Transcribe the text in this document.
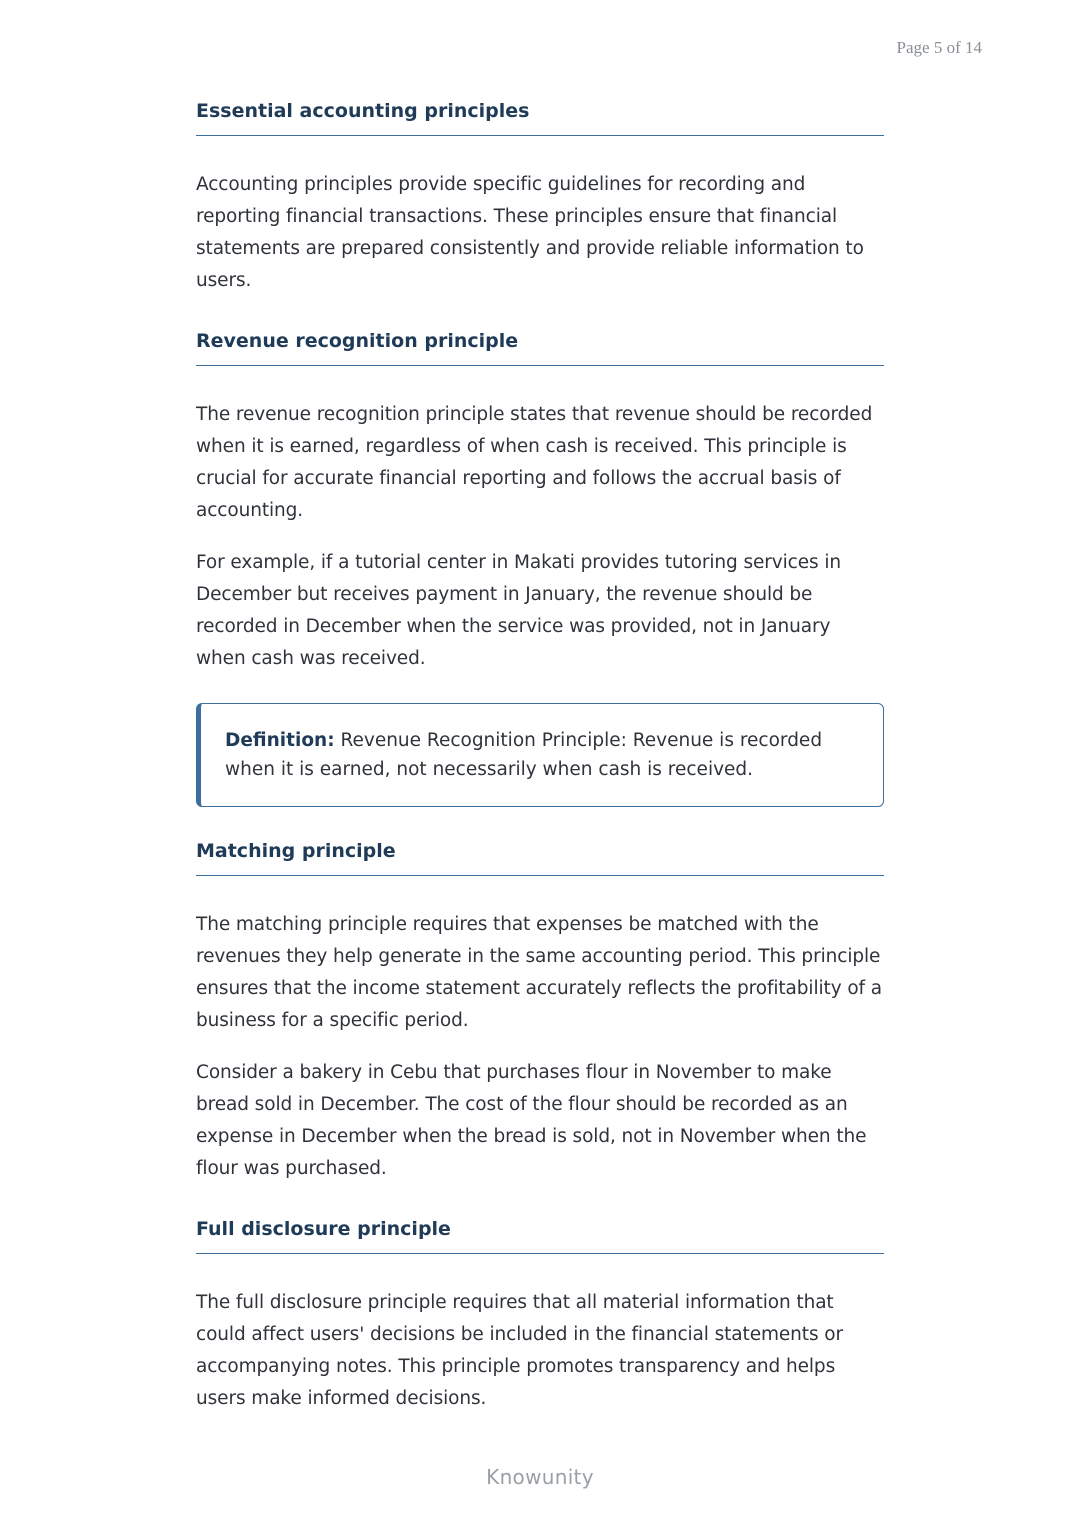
Page 5 of 14
Essential accounting principles

Accounting principles provide specific guidelines for recording and reporting financial transactions. These principles ensure that financial statements are prepared consistently and provide reliable information to users.

Revenue recognition principle

The revenue recognition principle states that revenue should be recorded when it is earned, regardless of when cash is received. This principle is crucial for accurate financial reporting and follows the accrual basis of accounting.

For example, if a tutorial center in Makati provides tutoring services in December but receives payment in January, the revenue should be recorded in December when the service was provided, not in January when cash was received.

Definition: Revenue Recognition Principle: Revenue is recorded when it is earned, not necessarily when cash is received.
Matching principle

The matching principle requires that expenses be matched with the revenues they help generate in the same accounting period. This principle ensures that the income statement accurately reflects the profitability of a business for a specific period.

Consider a bakery in Cebu that purchases flour in November to make bread sold in December. The cost of the flour should be recorded as an expense in December when the bread is sold, not in November when the flour was purchased.

Full disclosure principle

The full disclosure principle requires that all material information that could affect users' decisions be included in the financial statements or accompanying notes. This principle promotes transparency and helps users make informed decisions.

Knowunity
